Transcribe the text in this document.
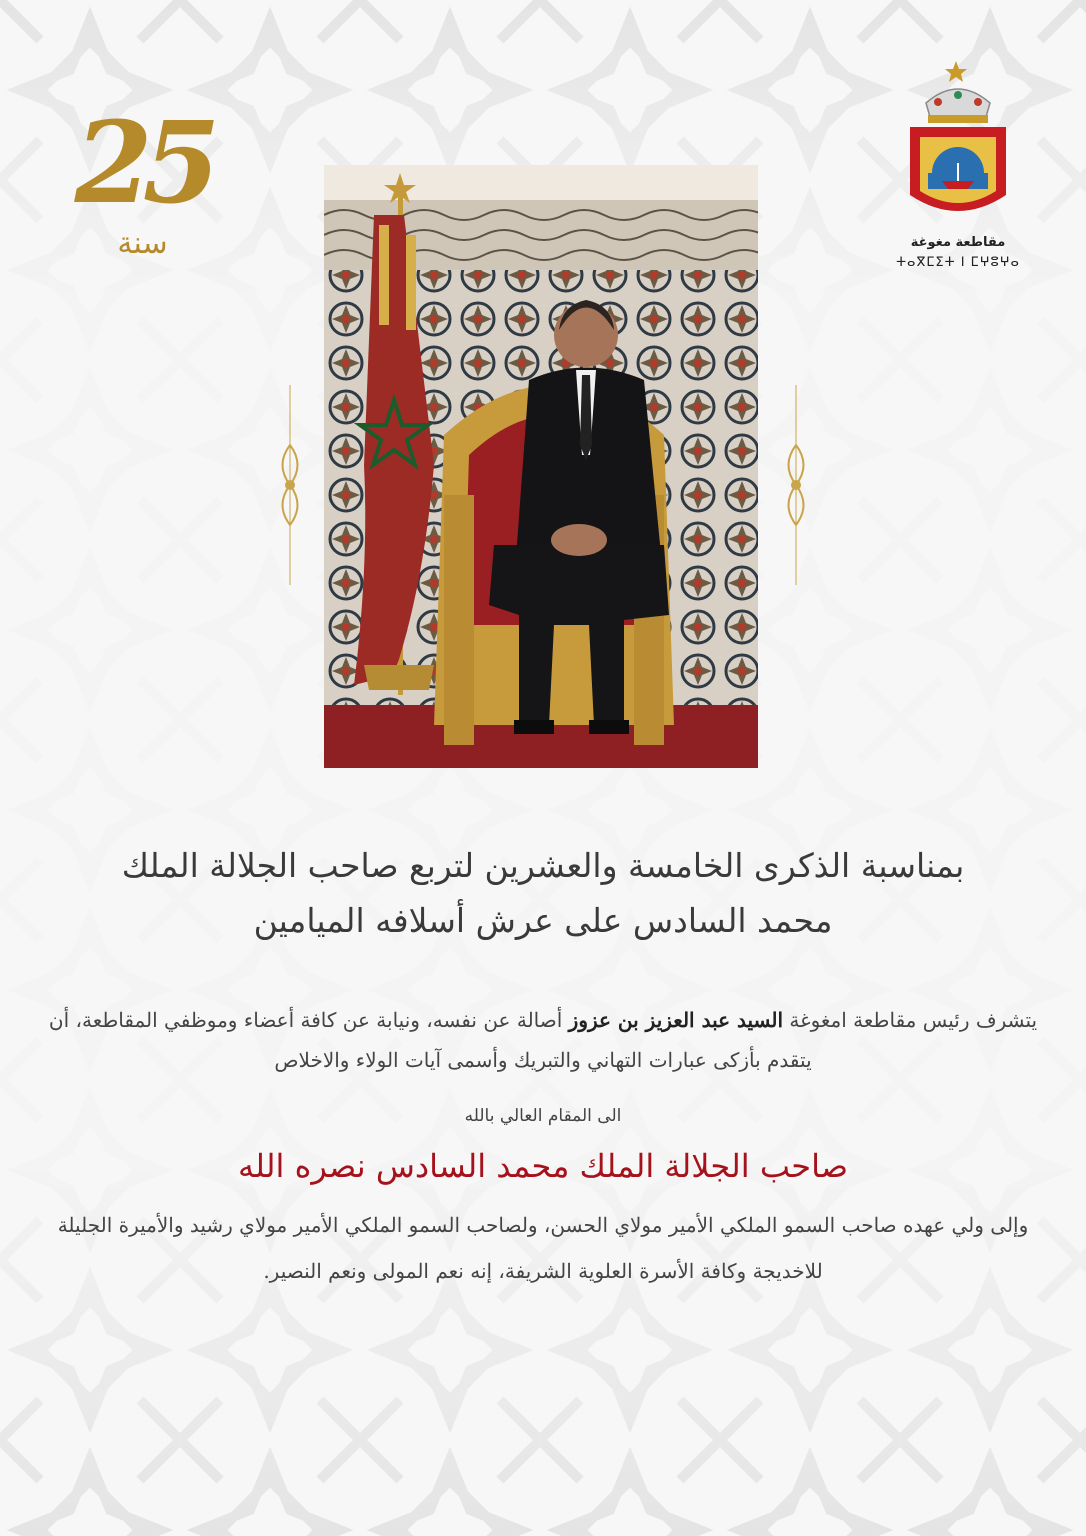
25
سنة	مقاطعة مغوغة
ⵜⴰⴳⵎⵉⵜ ⵏ ⵎⵖⵓⵖⴰ
بمناسبة الذكرى الخامسة والعشرين لتربع صاحب الجلالة الملك
محمد السادس على عرش أسلافه الميامين
يتشرف رئيس مقاطعة امغوغة السيد عبد العزيز بن عزوز أصالة عن نفسه، ونيابة عن كافة أعضاء وموظفي المقاطعة، أن يتقدم بأزكى عبارات التهاني والتبريك وأسمى آيات الولاء والاخلاص
الى المقام العالي بالله
صاحب الجلالة الملك محمد السادس نصره الله
وإلى ولي عهده صاحب السمو الملكي الأمير مولاي الحسن، ولصاحب السمو الملكي الأمير مولاي رشيد والأميرة الجليلة للاخديجة وكافة الأسرة العلوية الشريفة، إنه نعم المولى ونعم النصير.
